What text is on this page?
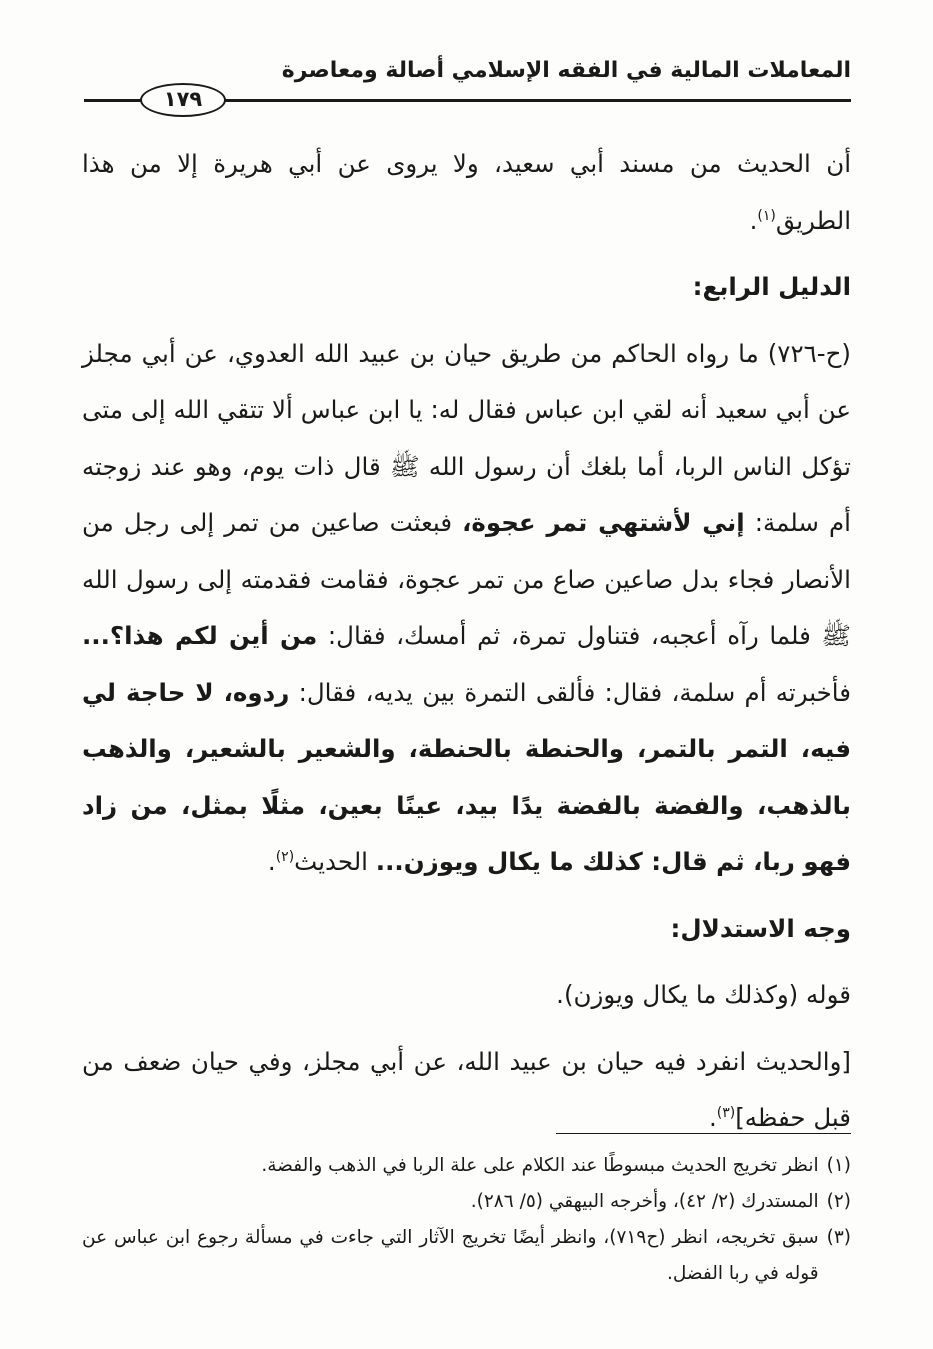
المعاملات المالية في الفقه الإسلامي أصالة ومعاصرة
١٧٩

أن الحديث من مسند أبي سعيد، ولا يروى عن أبي هريرة إلا من هذا الطريق$^{(١)}$.

الدليل الرابع:

(ح-٧٢٦) ما رواه الحاكم من طريق حيان بن عبيد الله العدوي، عن أبي مجلز عن أبي سعيد أنه لقي ابن عباس فقال له: يا ابن عباس ألا تتقي الله إلى متى تؤكل الناس الربا، أما بلغك أن رسول الله ﷺ قال ذات يوم، وهو عند زوجته أم سلمة: إني لأشتهي تمر عجوة، فبعثت صاعين من تمر إلى رجل من الأنصار فجاء بدل صاعين صاع من تمر عجوة، فقامت فقدمته إلى رسول الله ﷺ فلما رآه أعجبه، فتناول تمرة، ثم أمسك، فقال: من أين لكم هذا؟... فأخبرته أم سلمة، فقال: فألقى التمرة بين يديه، فقال: ردوه، لا حاجة لي فيه، التمر بالتمر، والحنطة بالحنطة، والشعير بالشعير، والذهب بالذهب، والفضة بالفضة يدًا بيد، عينًا بعين، مثلًا بمثل، من زاد فهو ربا، ثم قال: كذلك ما يكال ويوزن... الحديث$^{(٢)}$.

وجه الاستدلال:

قوله (وكذلك ما يكال ويوزن).

[والحديث انفرد فيه حيان بن عبيد الله، عن أبي مجلز، وفي حيان ضعف من قبل حفظه]$^{(٣)}$.

(١)
انظر تخريج الحديث مبسوطًا عند الكلام على علة الربا في الذهب والفضة.
(٢)
المستدرك (٢/ ٤٢)، وأخرجه البيهقي (٥/ ٢٨٦).
(٣)
سبق تخريجه، انظر (ح٧١٩)، وانظر أيضًا تخريج الآثار التي جاءت في مسألة رجوع ابن عباس عن قوله في ربا الفضل.
